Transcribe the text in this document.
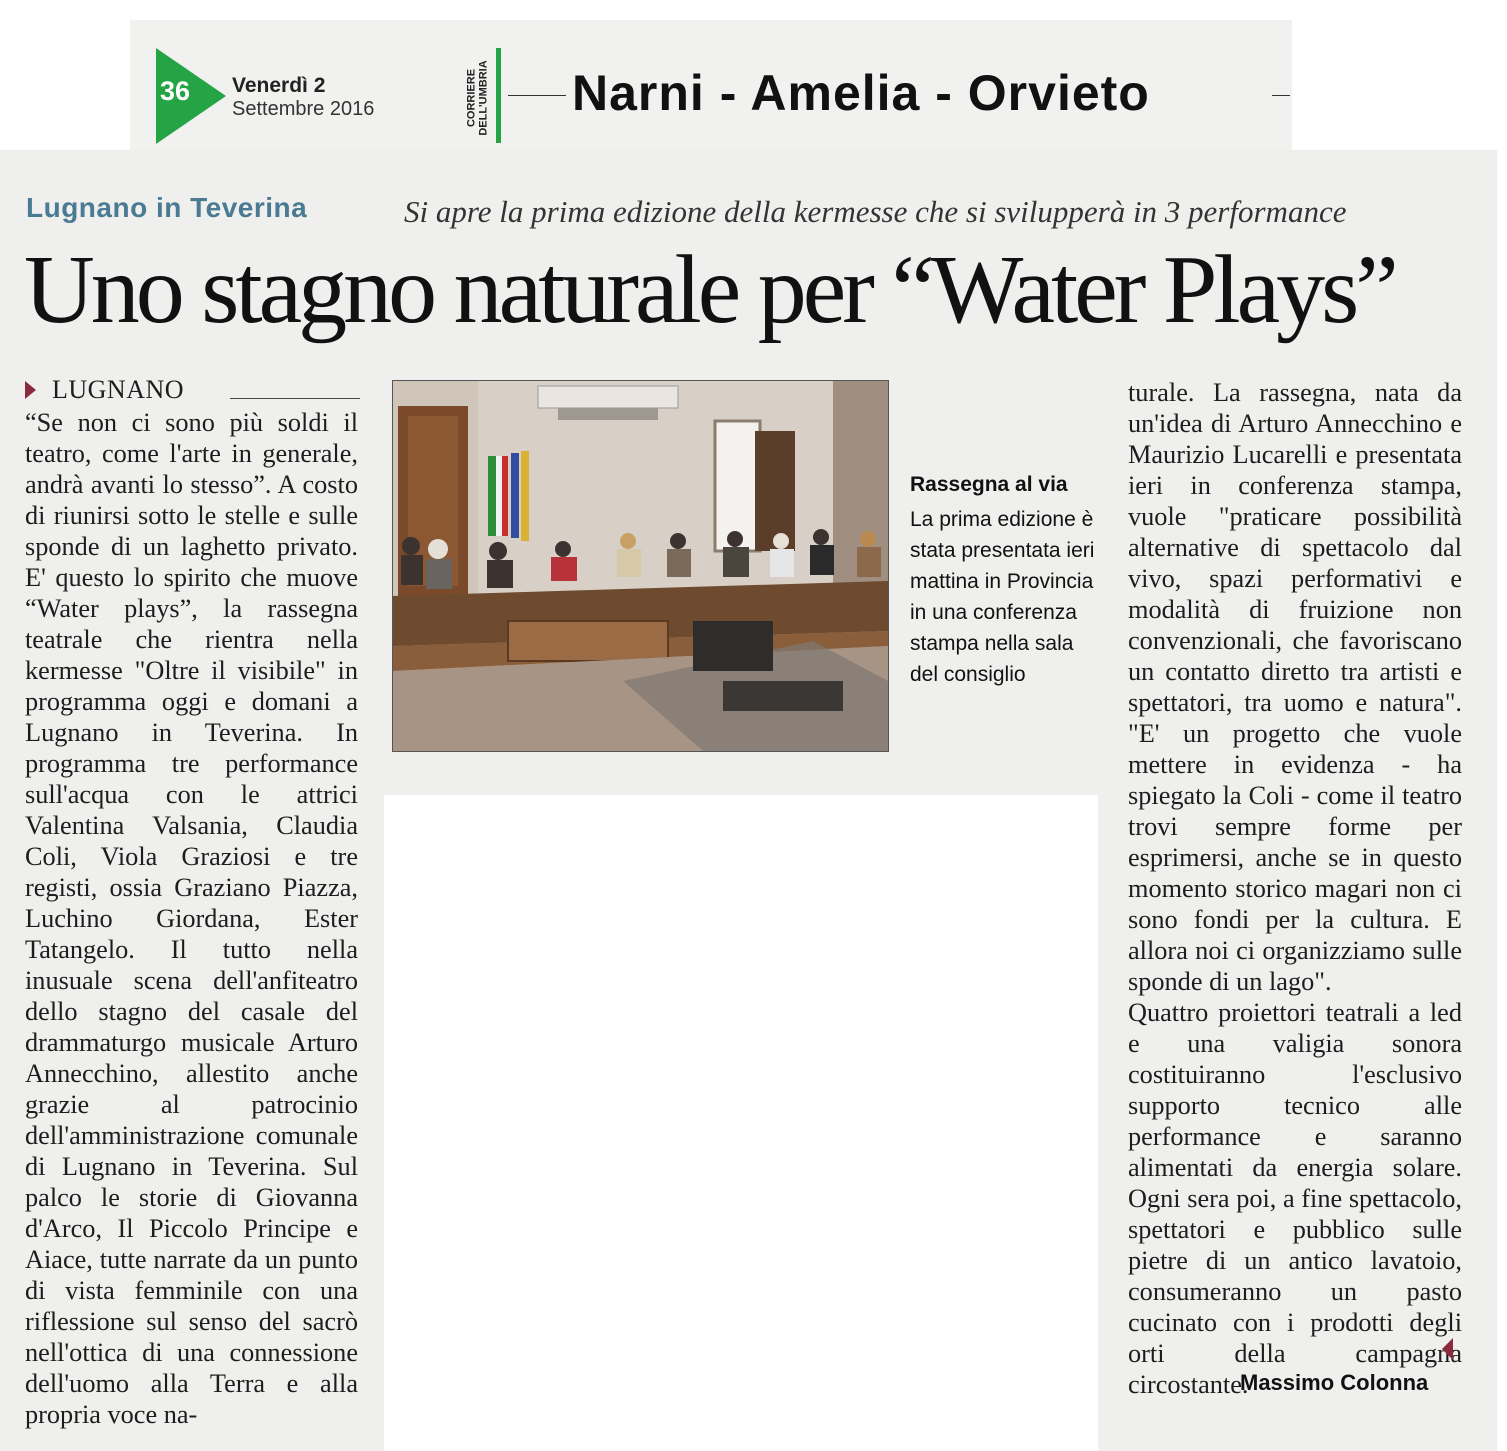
36	Venerdì 2
Settembre 2016	CORRIERE
DELL'UMBRIA Narni - Amelia - Orvieto
Lugnano in Teverina	Si apre la prima edizione della kermesse che si svilupperà in 3 performance
Uno stagno naturale per “Water Plays”
LUGNANO
“Se non ci sono più soldi il teatro, come l'arte in generale, andrà avanti lo stesso”. A costo di riunirsi sotto le stelle e sulle sponde di un laghetto privato. E' questo lo spirito che muove “Water plays”, la rassegna teatrale che rientra nella kermesse "Oltre il visibile" in programma oggi e domani a Lugnano in Teverina. In programma tre performance sull'acqua con le attrici Valentina Valsania, Claudia Coli, Viola Graziosi e tre registi, ossia Graziano Piazza, Luchino Giordana, Ester Tatangelo. Il tutto nella inusuale scena dell'anfiteatro dello stagno del casale del drammaturgo musicale Arturo Annecchino, allestito anche grazie al patrocinio dell'amministrazione comunale di Lugnano in Teverina. Sul palco le storie di Giovanna d'Arco, Il Piccolo Principe e Aiace, tutte narrate da un punto di vista femminile con una riflessione sul senso del sacrò nell'ottica di una connessione dell'uomo alla Terra e alla propria voce na-
Rassegna al via
La prima edizione è stata presentata ieri mattina in Provincia in una conferenza stampa nella sala del consiglio
turale. La rassegna, nata da un'idea di Arturo Annecchino e Maurizio Lucarelli e presentata ieri in conferenza stampa, vuole "praticare possibilità alternative di spettacolo dal vivo, spazi performativi e modalità di fruizione non convenzionali, che favoriscano un contatto diretto tra artisti e spettatori, tra uomo e natura". "E' un progetto che vuole mettere in evidenza - ha spiegato la Coli - come il teatro trovi sempre forme per esprimersi, anche se in questo momento storico magari non ci sono fondi per la cultura. E allora noi ci organizziamo sulle sponde di un lago".
Quattro proiettori teatrali a led e una valigia sonora costituiranno l'esclusivo supporto tecnico alle performance e saranno alimentati da energia solare. Ogni sera poi, a fine spettacolo, spettatori e pubblico sulle pietre di un antico lavatoio, consumeranno un pasto cucinato con i prodotti degli orti della campagna circostante.
Massimo Colonna
